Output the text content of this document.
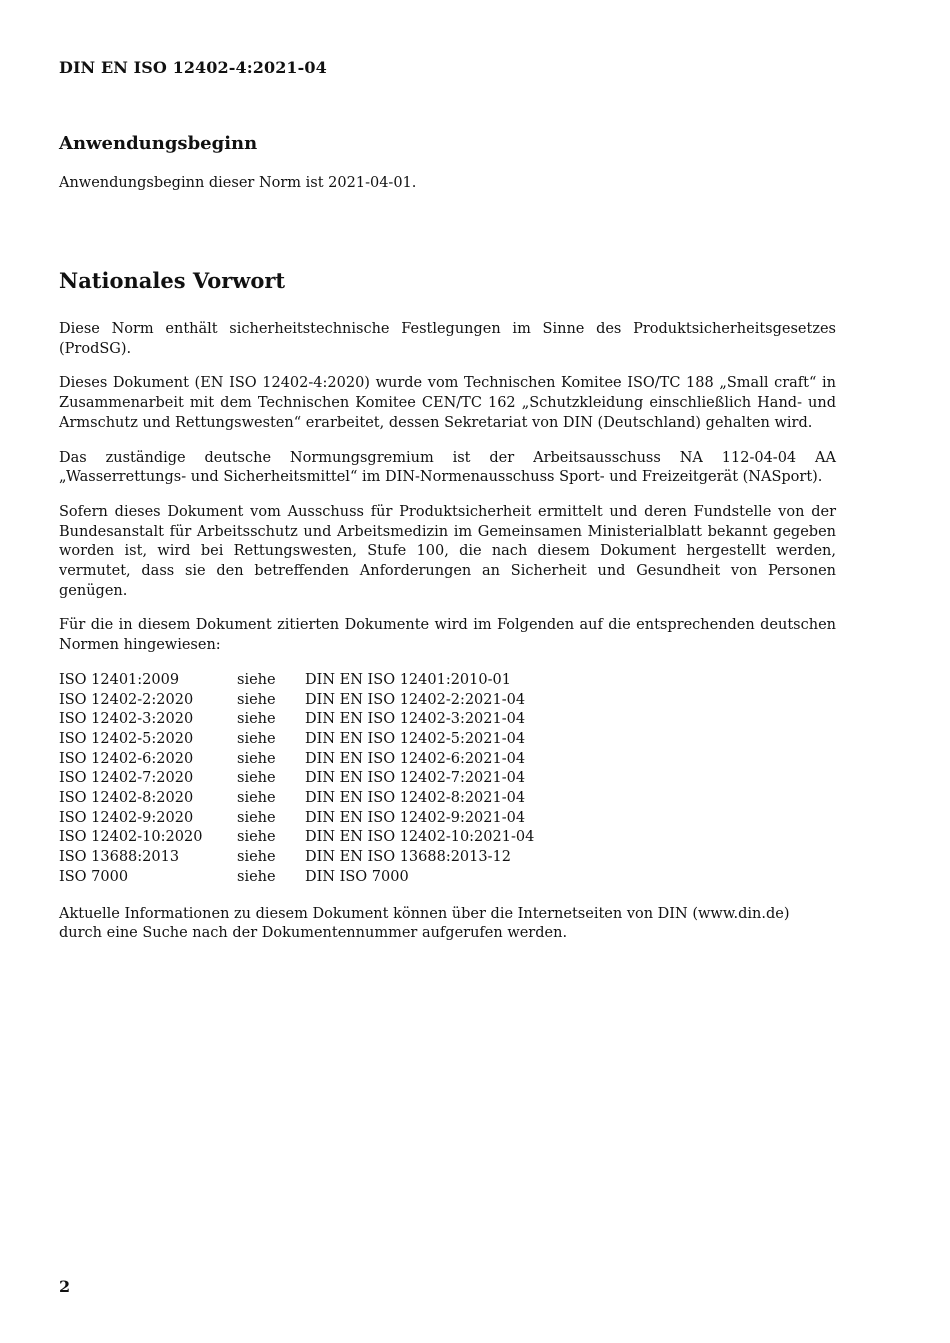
DIN EN ISO 12402-4:2021-04
Anwendungsbeginn
Anwendungsbeginn dieser Norm ist 2021-04-01.
Nationales Vorwort

Diese Norm enthält sicherheitstechnische Festlegungen im Sinne des Produktsicherheitsgesetzes (ProdSG).

Dieses Dokument (EN ISO 12402-4:2020) wurde vom Technischen Komitee ISO/TC 188 „Small craft“ in Zusammenarbeit mit dem Technischen Komitee CEN/TC 162 „Schutzkleidung einschließlich Hand- und Armschutz und Rettungswesten“ erarbeitet, dessen Sekretariat von DIN (Deutschland) gehalten wird.

Das zuständige deutsche Normungsgremium ist der Arbeitsausschuss NA 112-04-04 AA „Wasserrettungs- und Sicherheitsmittel“ im DIN-Normenausschuss Sport- und Freizeitgerät (NASport).

Sofern dieses Dokument vom Ausschuss für Produktsicherheit ermittelt und deren Fundstelle von der Bundesanstalt für Arbeitsschutz und Arbeitsmedizin im Gemeinsamen Ministerialblatt bekannt gegeben worden ist, wird bei Rettungswesten, Stufe 100, die nach diesem Dokument hergestellt werden, vermutet, dass sie den betreffenden Anforderungen an Sicherheit und Gesundheit von Personen genügen.

Für die in diesem Dokument zitierten Dokumente wird im Folgenden auf die entsprechenden deutschen Normen hingewiesen:

ISO 12401:2009	siehe	DIN EN ISO 12401:2010-01
ISO 12402-2:2020	siehe	DIN EN ISO 12402-2:2021-04
ISO 12402-3:2020	siehe	DIN EN ISO 12402-3:2021-04
ISO 12402-5:2020	siehe	DIN EN ISO 12402-5:2021-04
ISO 12402-6:2020	siehe	DIN EN ISO 12402-6:2021-04
ISO 12402-7:2020	siehe	DIN EN ISO 12402-7:2021-04
ISO 12402-8:2020	siehe	DIN EN ISO 12402-8:2021-04
ISO 12402-9:2020	siehe	DIN EN ISO 12402-9:2021-04
ISO 12402-10:2020	siehe	DIN EN ISO 12402-10:2021-04
ISO 13688:2013	siehe	DIN EN ISO 13688:2013-12
ISO 7000	siehe	DIN ISO 7000

Aktuelle Informationen zu diesem Dokument können über die Internetseiten von DIN (www.din.de) durch eine Suche nach der Dokumentennummer aufgerufen werden.

2
